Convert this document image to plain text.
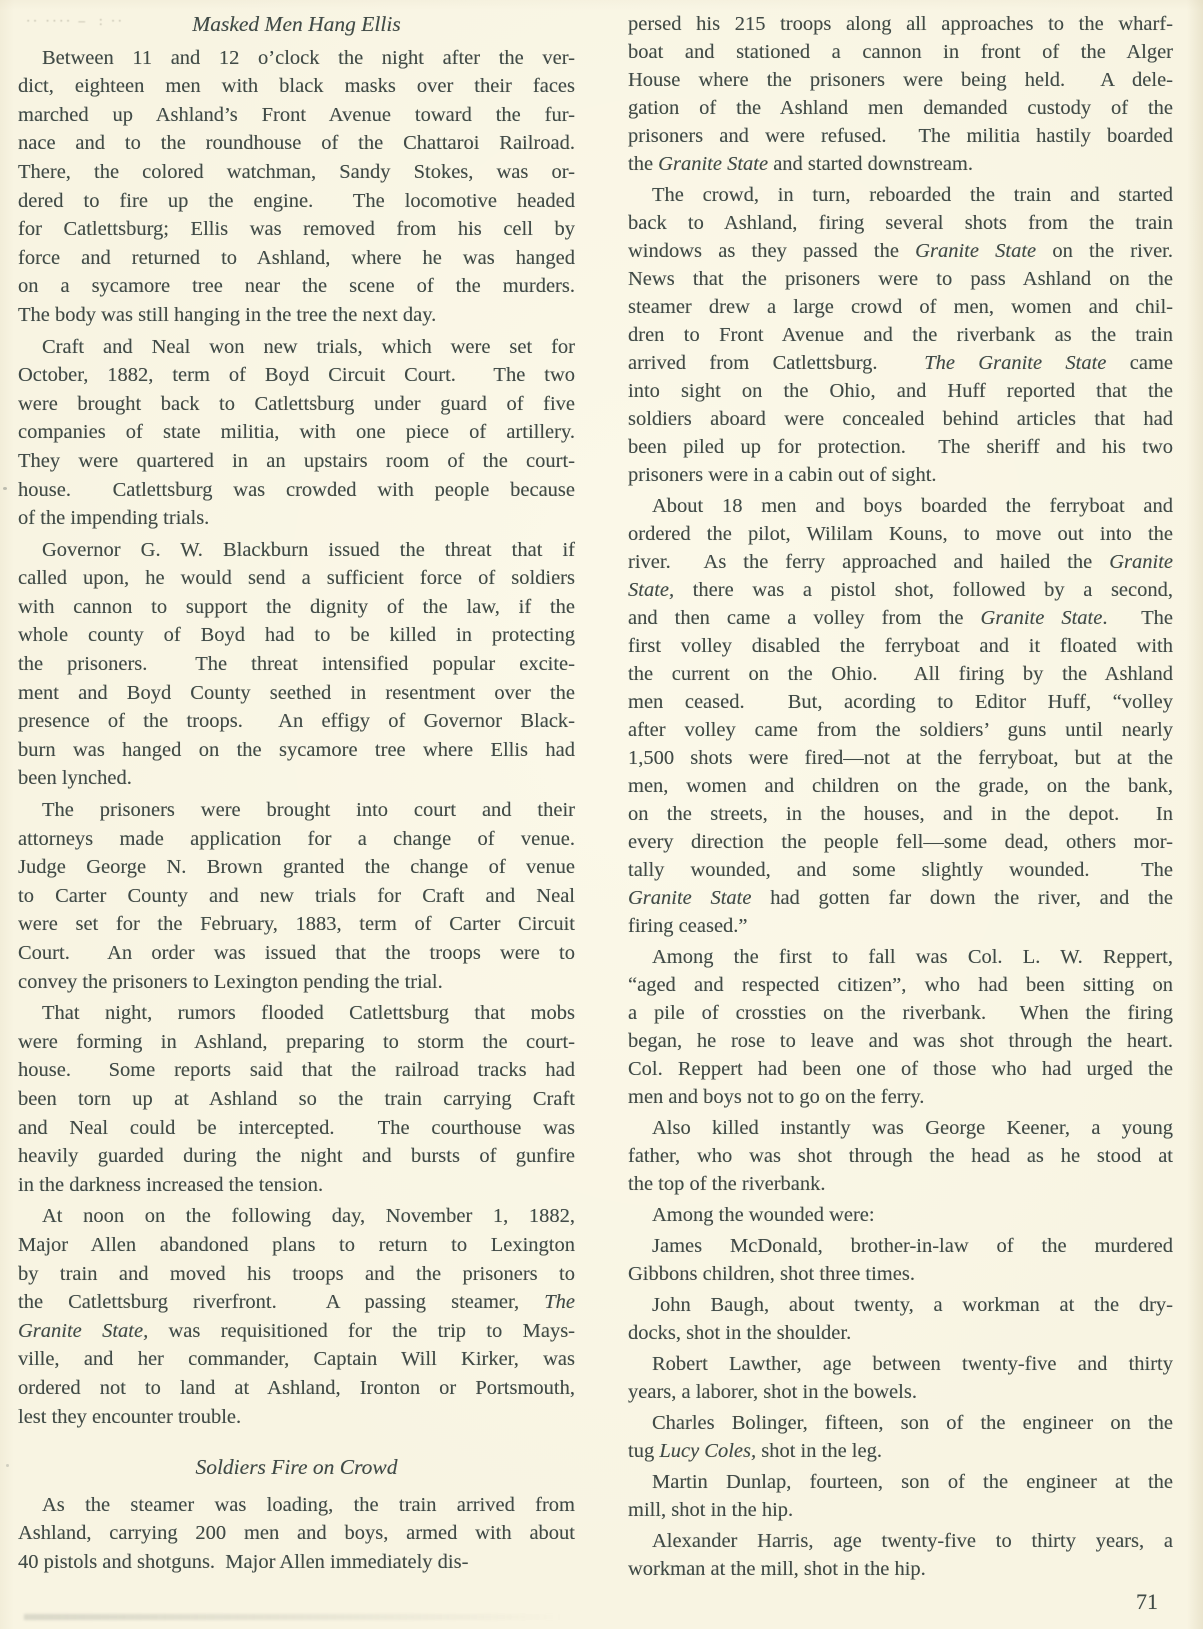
·· ···· –  : ··	Masked Men Hang Ellis
Between 11 and 12 o’clock the night after the ver-
dict, eighteen men with black masks over their faces
marched up Ashland’s Front Avenue toward the fur-
nace and to the roundhouse of the Chattaroi Railroad.
There, the colored watchman, Sandy Stokes, was or-
dered to fire up the engine.  The locomotive headed
for Catlettsburg; Ellis was removed from his cell by
force and returned to Ashland, where he was hanged
on a sycamore tree near the scene of the murders.
The body was still hanging in the tree the next day.
Craft and Neal won new trials, which were set for
October, 1882, term of Boyd Circuit Court.  The two
were brought back to Catlettsburg under guard of five
companies of state militia, with one piece of artillery.
They were quartered in an upstairs room of the court-
house.  Catlettsburg was crowded with people because
of the impending trials.
Governor G. W. Blackburn issued the threat that if
called upon, he would send a sufficient force of soldiers
with cannon to support the dignity of the law, if the
whole county of Boyd had to be killed in protecting
the prisoners.  The threat intensified popular excite-
ment and Boyd County seethed in resentment over the
presence of the troops.  An effigy of Governor Black-
burn was hanged on the sycamore tree where Ellis had
been lynched.
The prisoners were brought into court and their
attorneys made application for a change of venue.
Judge George N. Brown granted the change of venue
to Carter County and new trials for Craft and Neal
were set for the February, 1883, term of Carter Circuit
Court.  An order was issued that the troops were to
convey the prisoners to Lexington pending the trial.
That night, rumors flooded Catlettsburg that mobs
were forming in Ashland, preparing to storm the court-
house.  Some reports said that the railroad tracks had
been torn up at Ashland so the train carrying Craft
and Neal could be intercepted.  The courthouse was
heavily guarded during the night and bursts of gunfire
in the darkness increased the tension.
At noon on the following day, November 1, 1882,
Major Allen abandoned plans to return to Lexington
by train and moved his troops and the prisoners to
the Catlettsburg riverfront.  A passing steamer, The
Granite State, was requisitioned for the trip to Mays-
ville, and her commander, Captain Will Kirker, was
ordered not to land at Ashland, Ironton or Portsmouth,
lest they encounter trouble.
Soldiers Fire on Crowd
As the steamer was loading, the train arrived from
Ashland, carrying 200 men and boys, armed with about
40 pistols and shotguns.  Major Allen immediately dis-
persed his 215 troops along all approaches to the wharf-
boat and stationed a cannon in front of the Alger
House where the prisoners were being held.  A dele-
gation of the Ashland men demanded custody of the
prisoners and were refused.  The militia hastily boarded
the Granite State and started downstream.
The crowd, in turn, reboarded the train and started
back to Ashland, firing several shots from the train
windows as they passed the Granite State on the river.
News that the prisoners were to pass Ashland on the
steamer drew a large crowd of men, women and chil-
dren to Front Avenue and the riverbank as the train
arrived from Catlettsburg.  The Granite State came
into sight on the Ohio, and Huff reported that the
soldiers aboard were concealed behind articles that had
been piled up for protection.  The sheriff and his two
prisoners were in a cabin out of sight.
About 18 men and boys boarded the ferryboat and
ordered the pilot, Wililam Kouns, to move out into the
river.  As the ferry approached and hailed the Granite
State, there was a pistol shot, followed by a second,
and then came a volley from the Granite State.  The
first volley disabled the ferryboat and it floated with
the current on the Ohio.  All firing by the Ashland
men ceased.  But, acording to Editor Huff, “volley
after volley came from the soldiers’ guns until nearly
1,500 shots were fired—not at the ferryboat, but at the
men, women and children on the grade, on the bank,
on the streets, in the houses, and in the depot.  In
every direction the people fell—some dead, others mor-
tally wounded, and some slightly wounded.  The
Granite State had gotten far down the river, and the
firing ceased.”
Among the first to fall was Col. L. W. Reppert,
“aged and respected citizen”, who had been sitting on
a pile of crossties on the riverbank.  When the firing
began, he rose to leave and was shot through the heart.
Col. Reppert had been one of those who had urged the
men and boys not to go on the ferry.
Also killed instantly was George Keener, a young
father, who was shot through the head as he stood at
the top of the riverbank.
Among the wounded were:
James McDonald, brother-in-law of the murdered
Gibbons children, shot three times.
John Baugh, about twenty, a workman at the dry-
docks, shot in the shoulder.
Robert Lawther, age between twenty-five and thirty
years, a laborer, shot in the bowels.
Charles Bolinger, fifteen, son of the engineer on the
tug Lucy Coles, shot in the leg.
Martin Dunlap, fourteen, son of the engineer at the
mill, shot in the hip.
Alexander Harris, age twenty-five to thirty years, a
workman at the mill, shot in the hip.
71
